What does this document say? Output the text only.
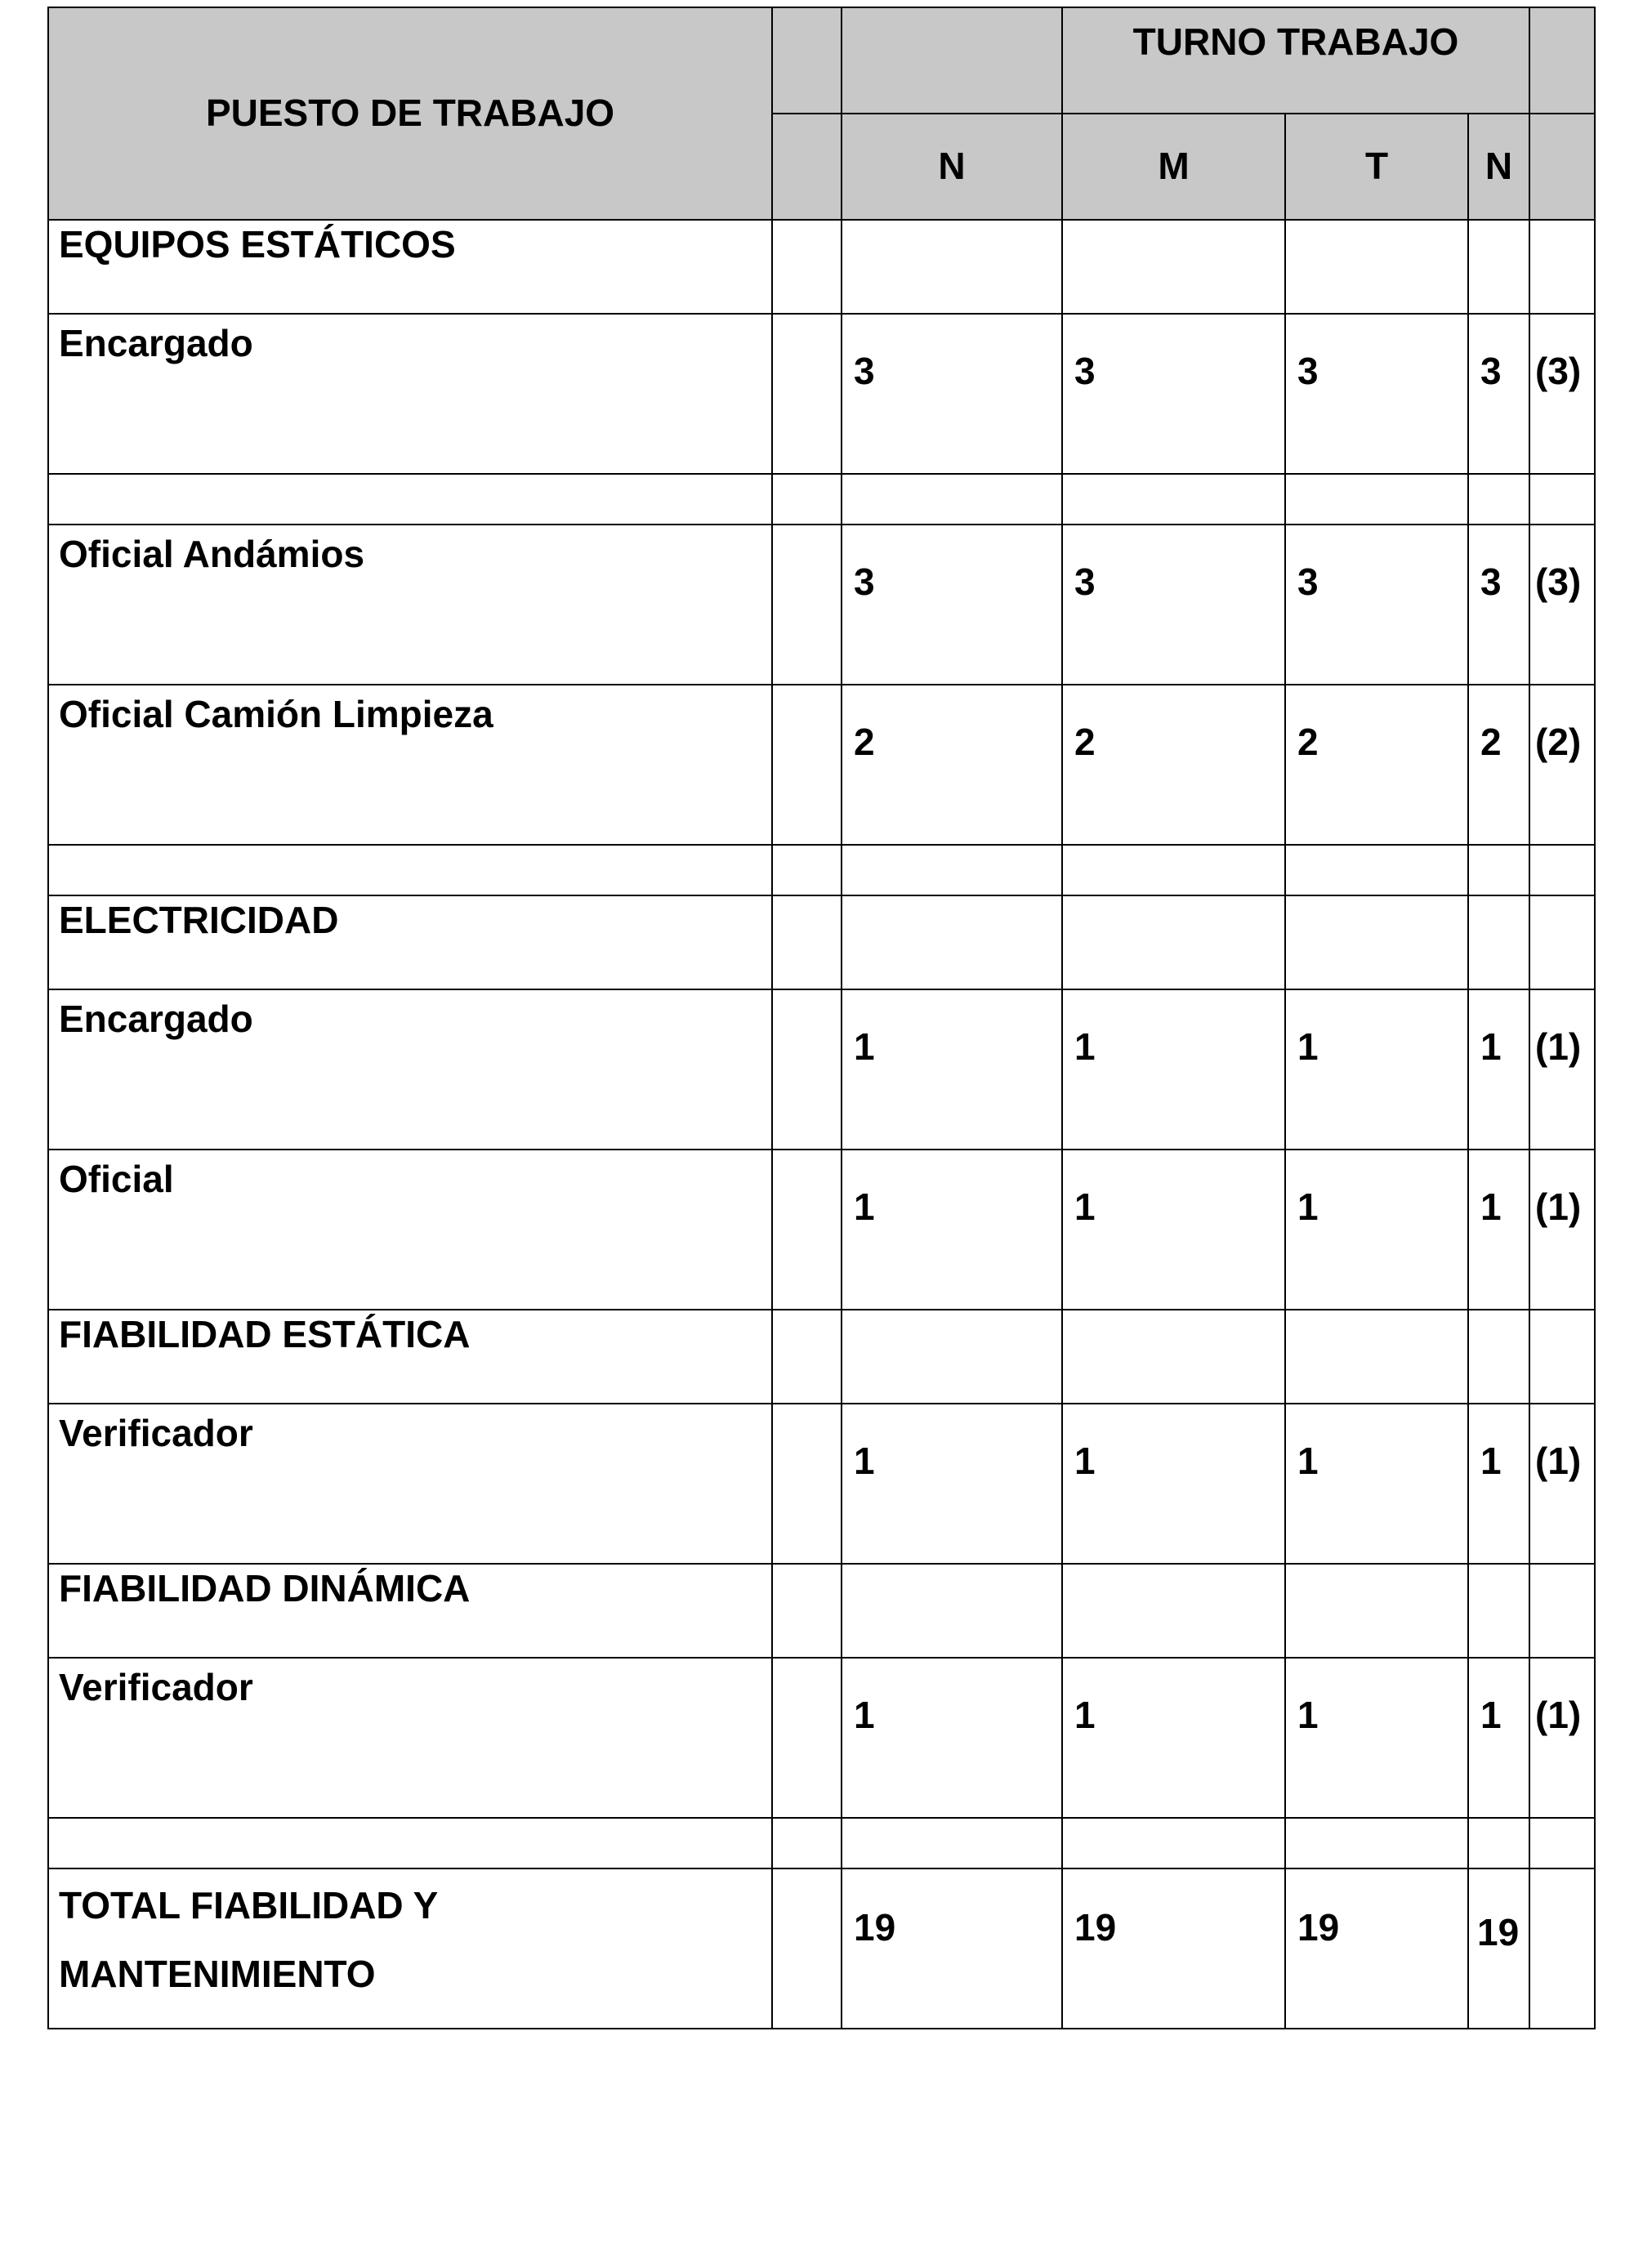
PUESTO DE TRABAJO			TURNO TRABAJO			
		N	M	T	N	
EQUIPOS ESTÁTICOS						
Encargado		3	3	3	3	(3)

Oficial Andámios		3	3	3	3	(3)
Oficial Camión Limpieza		2	2	2	2	(2)

ELECTRICIDAD						
Encargado		1	1	1	1	(1)
Oficial		1	1	1	1	(1)
FIABILIDAD ESTÁTICA						
Verificador		1	1	1	1	(1)
FIABILIDAD DINÁMICA						
Verificador		1	1	1	1	(1)

TOTAL FIABILIDAD Y
MANTENIMIENTO		19	19	19	19	
